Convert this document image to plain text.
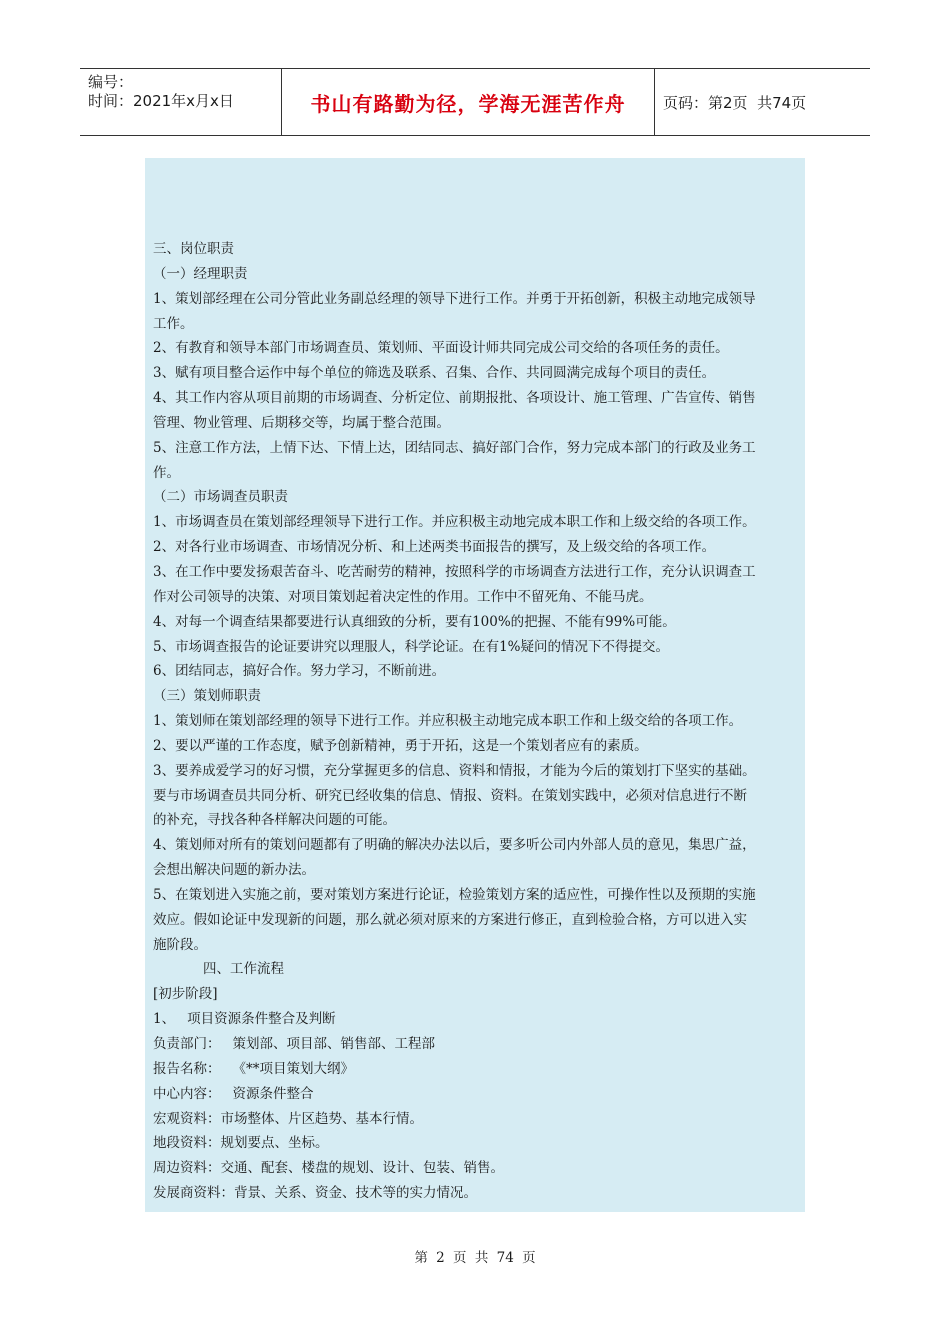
编号：
时间：2021年x月x日	书山有路勤为径，学海无涯苦作舟	页码：第2页  共74页
三、岗位职责
（一）经理职责
1、策划部经理在公司分管此业务副总经理的领导下进行工作。并勇于开拓创新，积极主动地完成领导
工作。
2、有教育和领导本部门市场调查员、策划师、平面设计师共同完成公司交给的各项任务的责任。
3、赋有项目整合运作中每个单位的筛选及联系、召集、合作、共同圆满完成每个项目的责任。
4、其工作内容从项目前期的市场调查、分析定位、前期报批、各项设计、施工管理、广告宣传、销售
管理、物业管理、后期移交等，均属于整合范围。
5、注意工作方法，上情下达、下情上达，团结同志、搞好部门合作，努力完成本部门的行政及业务工
作。
（二）市场调查员职责
1、市场调查员在策划部经理领导下进行工作。并应积极主动地完成本职工作和上级交给的各项工作。
2、对各行业市场调查、市场情况分析、和上述两类书面报告的撰写，及上级交给的各项工作。
3、在工作中要发扬艰苦奋斗、吃苦耐劳的精神，按照科学的市场调查方法进行工作，充分认识调查工
作对公司领导的决策、对项目策划起着决定性的作用。工作中不留死角、不能马虎。
4、对每一个调查结果都要进行认真细致的分析，要有100%的把握、不能有99%可能。
5、市场调查报告的论证要讲究以理服人，科学论证。在有1%疑问的情况下不得提交。
6、团结同志，搞好合作。努力学习，不断前进。
（三）策划师职责
1、策划师在策划部经理的领导下进行工作。并应积极主动地完成本职工作和上级交给的各项工作。
2、要以严谨的工作态度，赋予创新精神，勇于开拓，这是一个策划者应有的素质。
3、要养成爱学习的好习惯，充分掌握更多的信息、资料和情报，才能为今后的策划打下坚实的基础。
要与市场调查员共同分析、研究已经收集的信息、情报、资料。在策划实践中，必须对信息进行不断
的补充，寻找各种各样解决问题的可能。
4、策划师对所有的策划问题都有了明确的解决办法以后，要多听公司内外部人员的意见，集思广益，
会想出解决问题的新办法。
5、在策划进入实施之前，要对策划方案进行论证，检验策划方案的适应性，可操作性以及预期的实施
效应。假如论证中发现新的问题，那么就必须对原来的方案进行修正，直到检验合格，方可以进入实
施阶段。
四、工作流程
[初步阶段]
1、 项目资源条件整合及判断
负责部门： 策划部、项目部、销售部、工程部
报告名称： 《**项目策划大纲》
中心内容： 资源条件整合
宏观资料：市场整体、片区趋势、基本行情。
地段资料：规划要点、坐标。
周边资料：交通、配套、楼盘的规划、设计、包装、销售。
发展商资料：背景、关系、资金、技术等的实力情况。
第 2 页 共 74 页
